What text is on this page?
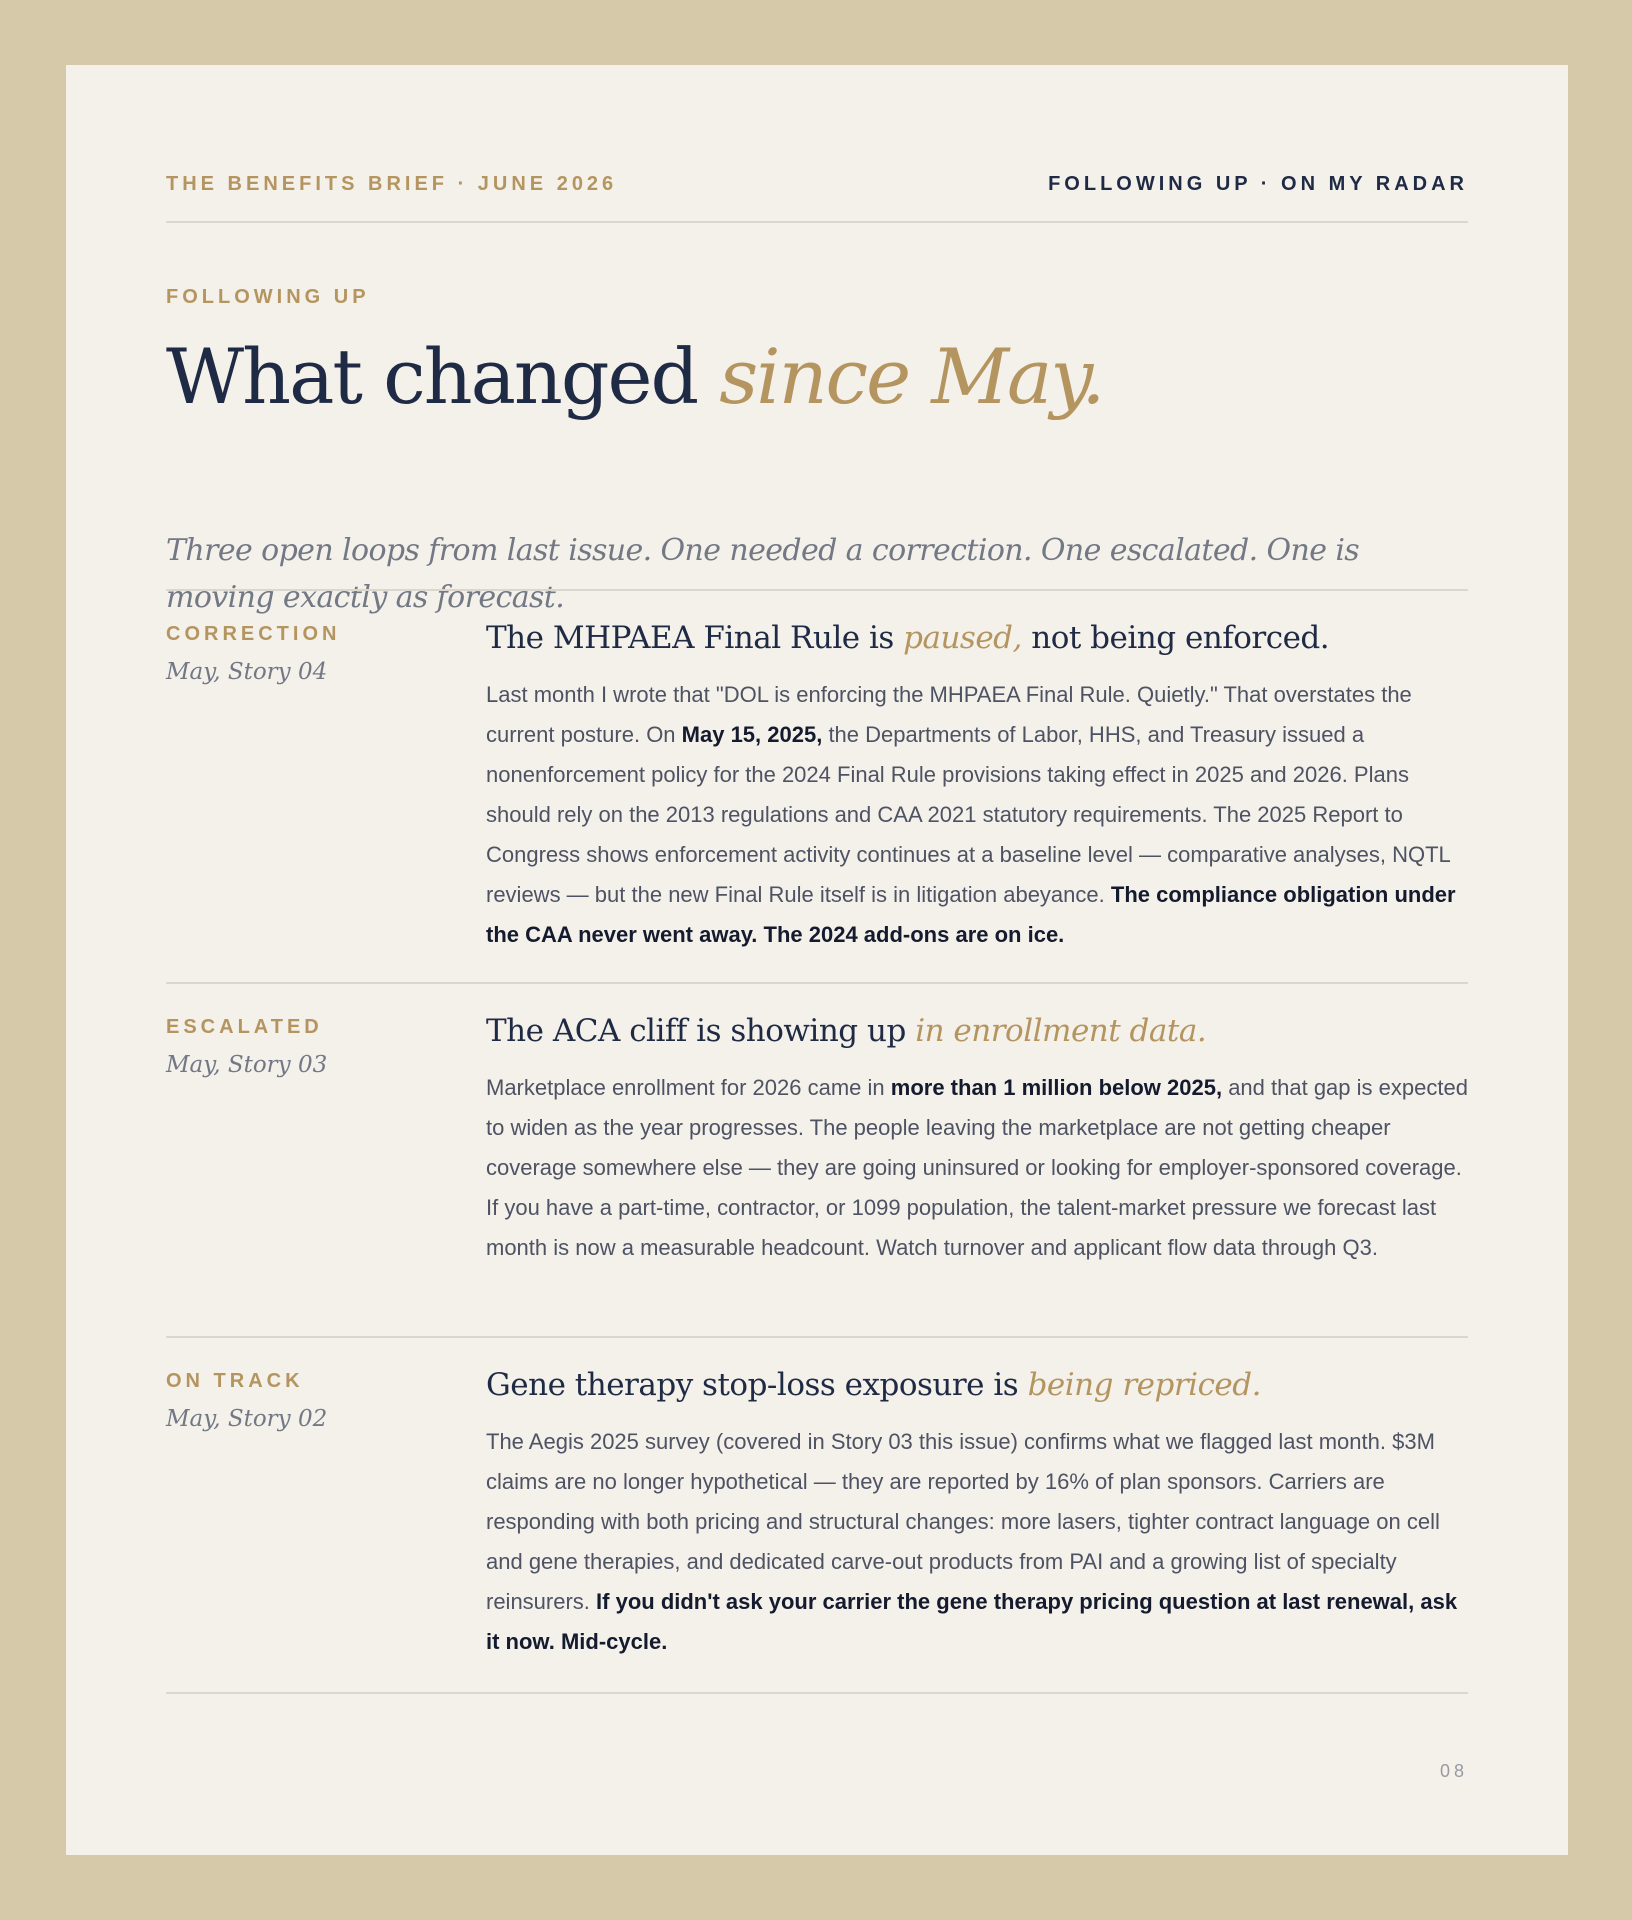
THE BENEFITS BRIEF · JUNE 2026	FOLLOWING UP · ON MY RADAR
FOLLOWING UP
What changed since May.

Three open loops from last issue. One needed a correction. One escalated. One is moving exactly as forecast.

CORRECTION
May, Story 04
The MHPAEA Final Rule is paused, not being enforced.

Last month I wrote that "DOL is enforcing the MHPAEA Final Rule. Quietly." That overstates the current posture. On May 15, 2025, the Departments of Labor, HHS, and Treasury issued a nonenforcement policy for the 2024 Final Rule provisions taking effect in 2025 and 2026. Plans should rely on the 2013 regulations and CAA 2021 statutory requirements. The 2025 Report to Congress shows enforcement activity continues at a baseline level — comparative analyses, NQTL reviews — but the new Final Rule itself is in litigation abeyance. The compliance obligation under the CAA never went away. The 2024 add-ons are on ice.

ESCALATED
May, Story 03
The ACA cliff is showing up in enrollment data.

Marketplace enrollment for 2026 came in more than 1 million below 2025, and that gap is expected to widen as the year progresses. The people leaving the marketplace are not getting cheaper coverage somewhere else — they are going uninsured or looking for employer-sponsored coverage. If you have a part-time, contractor, or 1099 population, the talent-market pressure we forecast last month is now a measurable headcount. Watch turnover and applicant flow data through Q3.

ON TRACK
May, Story 02
Gene therapy stop-loss exposure is being repriced.

The Aegis 2025 survey (covered in Story 03 this issue) confirms what we flagged last month. $3M claims are no longer hypothetical — they are reported by 16% of plan sponsors. Carriers are responding with both pricing and structural changes: more lasers, tighter contract language on cell and gene therapies, and dedicated carve-out products from PAI and a growing list of specialty reinsurers. If you didn't ask your carrier the gene therapy pricing question at last renewal, ask it now. Mid-cycle.

08
